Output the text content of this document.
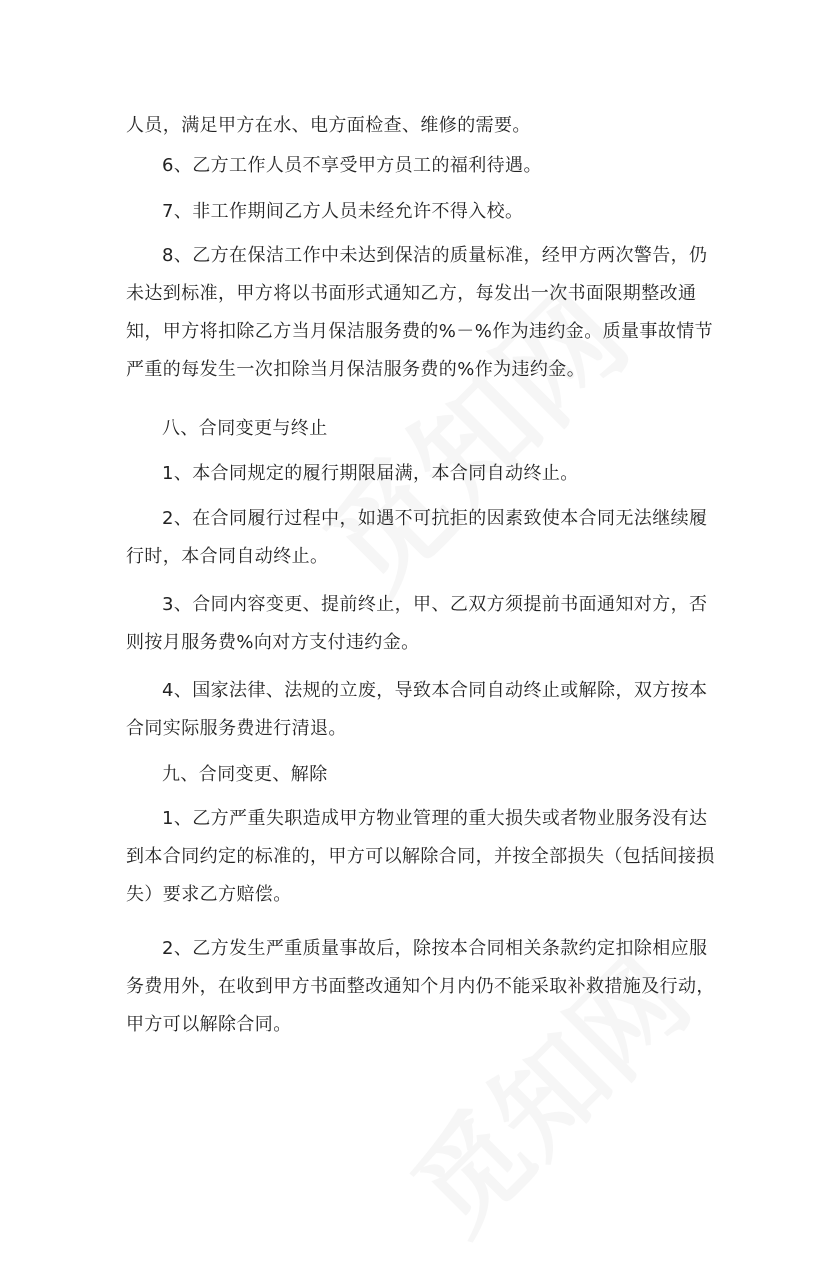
人员，满足甲方在水、电方面检查、维修的需要。

6、乙方工作人员不享受甲方员工的福利待遇。

7、非工作期间乙方人员未经允许不得入校。

8、乙方在保洁工作中未达到保洁的质量标准，经甲方两次警告，仍未达到标准，甲方将以书面形式通知乙方，每发出一次书面限期整改通知，甲方将扣除乙方当月保洁服务费的%－%作为违约金。质量事故情节严重的每发生一次扣除当月保洁服务费的%作为违约金。

八、合同变更与终止

1、本合同规定的履行期限届满，本合同自动终止。

2、在合同履行过程中，如遇不可抗拒的因素致使本合同无法继续履行时，本合同自动终止。

3、合同内容变更、提前终止，甲、乙双方须提前书面通知对方，否则按月服务费%向对方支付违约金。

4、国家法律、法规的立废，导致本合同自动终止或解除，双方按本合同实际服务费进行清退。

九、合同变更、解除

1、乙方严重失职造成甲方物业管理的重大损失或者物业服务没有达到本合同约定的标准的，甲方可以解除合同，并按全部损失（包括间接损失）要求乙方赔偿。

2、乙方发生严重质量事故后，除按本合同相关条款约定扣除相应服务费用外，在收到甲方书面整改通知个月内仍不能采取补救措施及行动，甲方可以解除合同。
